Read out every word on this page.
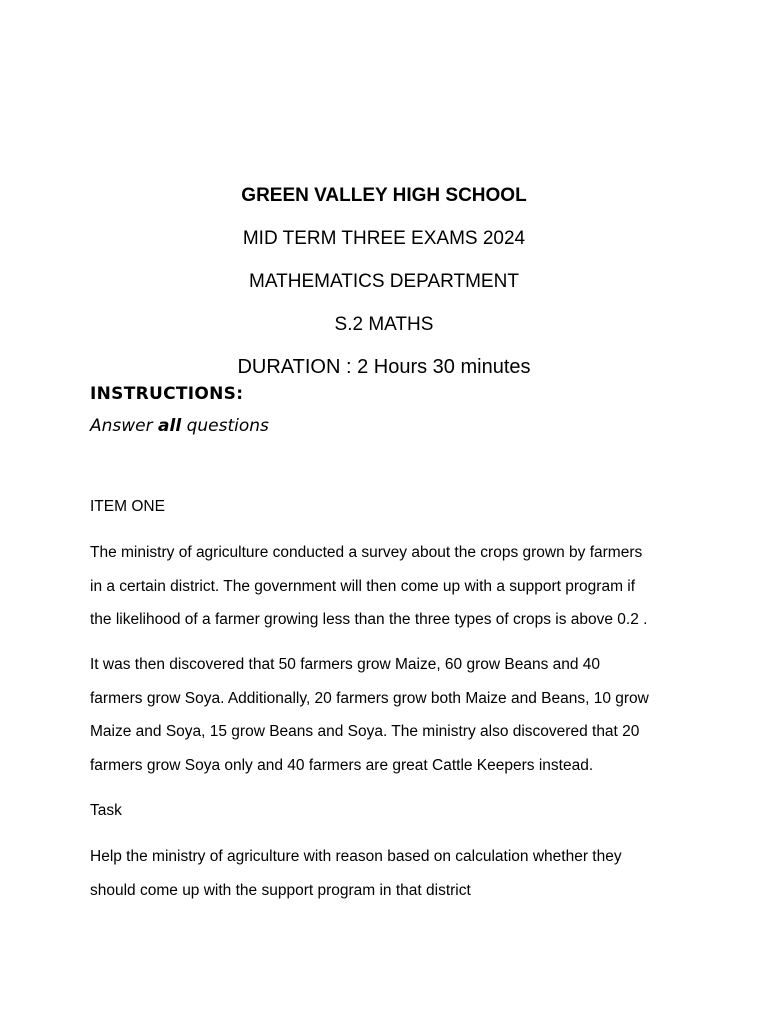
GREEN VALLEY HIGH SCHOOL
MID TERM THREE EXAMS 2024
MATHEMATICS DEPARTMENT
S.2 MATHS
DURATION : 2 Hours 30 minutes
INSTRUCTIONS:
Answer all questions
ITEM ONE
The ministry of agriculture conducted a survey about the crops grown by farmers
in a certain district. The government will then come up with a support program if
the likelihood of a farmer growing less than the three types of crops is above 0.2 .
It was then discovered that 50 farmers grow Maize, 60 grow Beans and 40
farmers grow Soya. Additionally, 20 farmers grow both Maize and Beans, 10 grow
Maize and Soya, 15 grow Beans and Soya. The ministry also discovered that 20
farmers grow Soya only and 40 farmers are great Cattle Keepers instead.
Task
Help the ministry of agriculture with reason based on calculation whether they
should come up with the support program in that district
